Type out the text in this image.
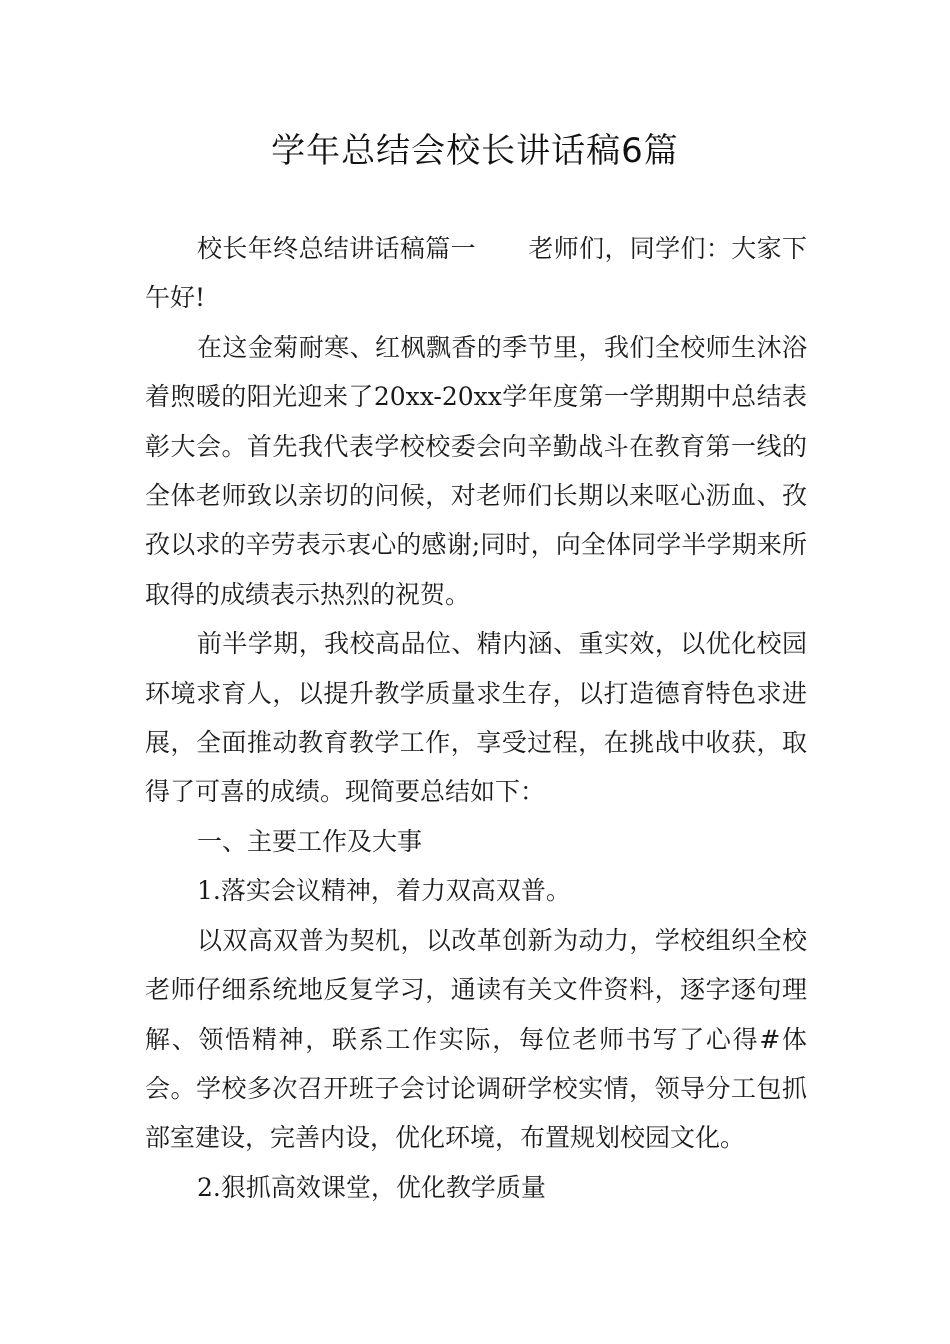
学年总结会校长讲话稿6篇

校长年终总结讲话稿篇一 老师们，同学们：大家下午好!

在这金菊耐寒、红枫飘香的季节里，我们全校师生沐浴着煦暖的阳光迎来了20xx-20xx学年度第一学期期中总结表彰大会。首先我代表学校校委会向辛勤战斗在教育第一线的全体老师致以亲切的问候，对老师们长期以来呕心沥血、孜孜以求的辛劳表示衷心的感谢;同时，向全体同学半学期来所取得的成绩表示热烈的祝贺。

前半学期，我校高品位、精内涵、重实效，以优化校园环境求育人，以提升教学质量求生存，以打造德育特色求进展，全面推动教育教学工作，享受过程，在挑战中收获，取得了可喜的成绩。现简要总结如下：

一、主要工作及大事

1.落实会议精神，着力双高双普。

以双高双普为契机，以改革创新为动力，学校组织全校老师仔细系统地反复学习，通读有关文件资料，逐字逐句理解、领悟精神，联系工作实际，每位老师书写了心得#体会。学校多次召开班子会讨论调研学校实情，领导分工包抓部室建设，完善内设，优化环境，布置规划校园文化。

2.狠抓高效课堂，优化教学质量
